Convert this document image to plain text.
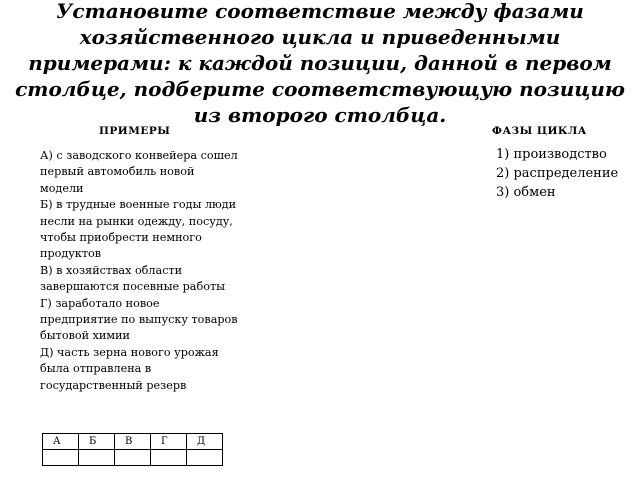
Установите соответствие между фазами
хозяйственного цикла и приведенными
примерами: к каждой позиции, данной в первом
столбце, подберите соответствующую позицию
из второго столбца.
ПРИМЕРЫ	ФАЗЫ ЦИКЛА

А) с заводского конвейера сошел первый автомобиль новой модели

Б) в трудные военные годы люди несли на рынки одежду, посуду, чтобы приобрести немного продуктов

В) в хозяйствах области завершаются посевные работы

Г) заработало новое предприятие по выпуску товаров бытовой химии

Д) часть зерна нового урожая была отправлена в государственный резерв

1) производство

2) распределение

3) обмен

А	Б	В	Г	Д
